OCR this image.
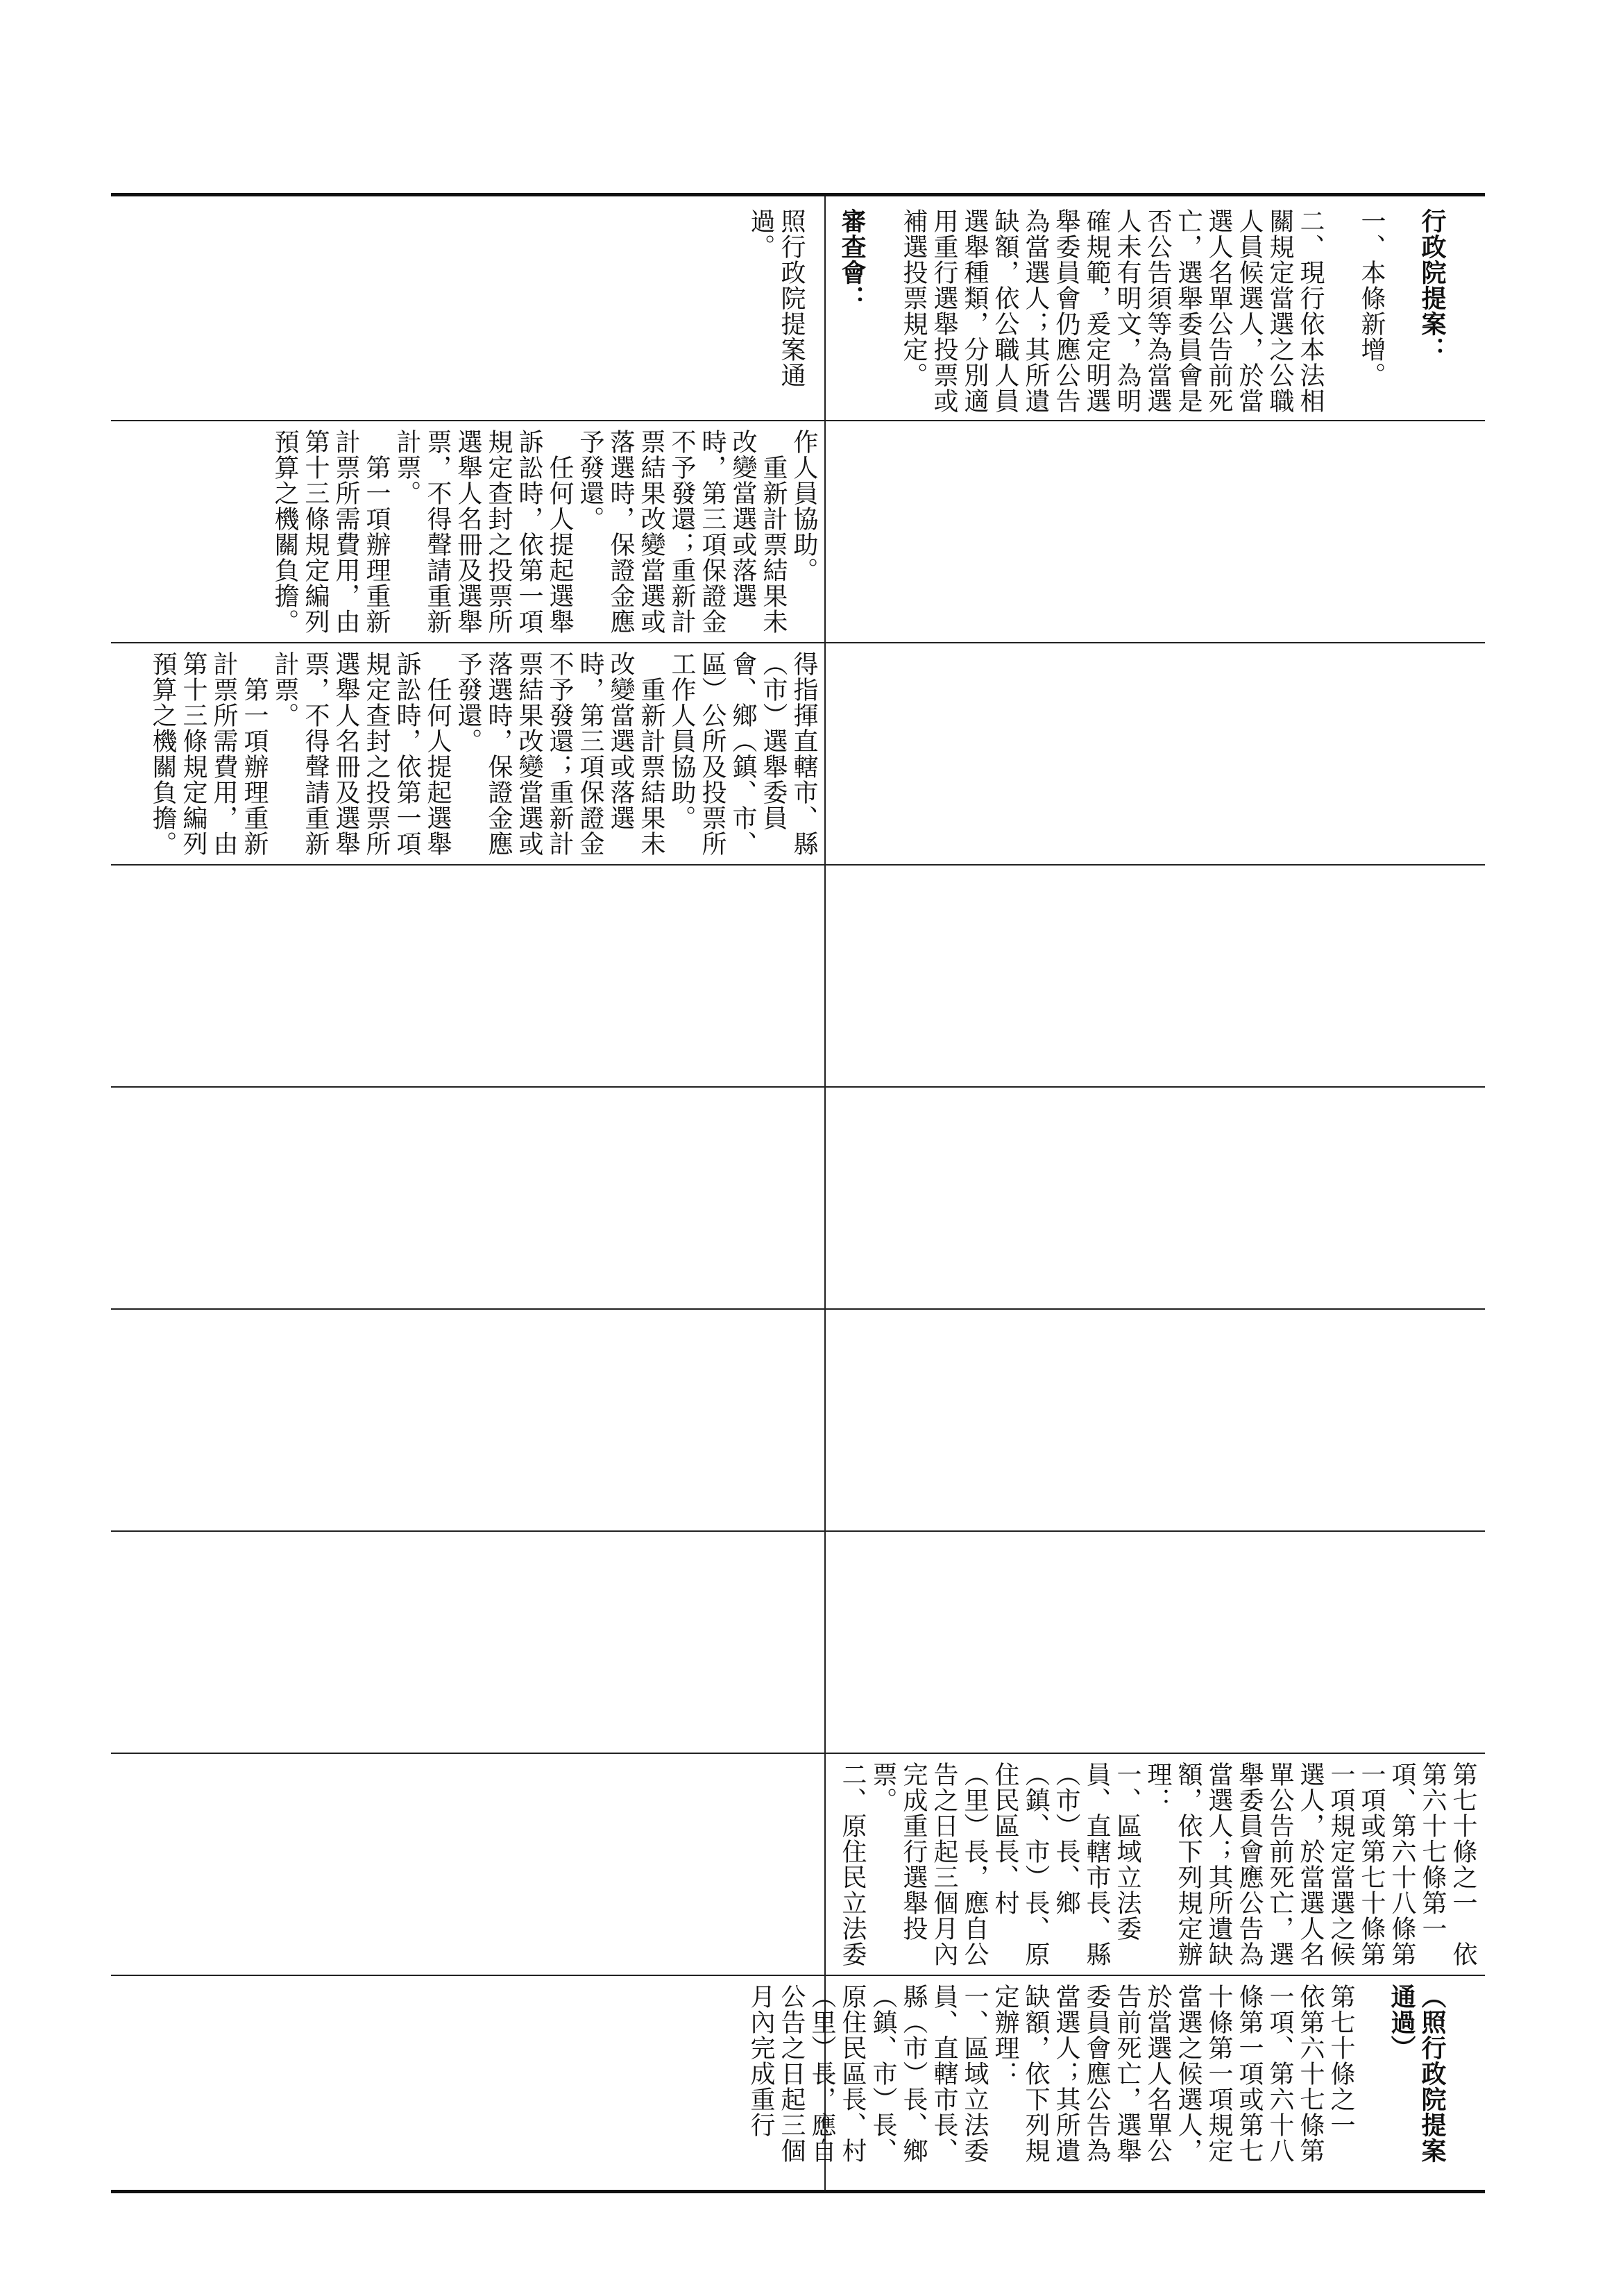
行政院提案：

一、本條新增。

二、現行依本法相關規定當選之公職人員候選人，於當選人名單公告前死亡，選舉委員會是否公告須等為當選人未有明文，為明確規範，爰定明選舉委員會仍應公告為當選人；其所遺缺額，依公職人員選舉種類，分別適用重行選舉投票或補選投票規定。

審查會：

照行政院提案通過。

作人員協助。
　重新計票結果未改變當選或落選時，第三項保證金不予發還；重新計票結果改變當選或落選時，保證金應予發還。
　任何人提起選舉訴訟時，依第一項規定查封之投票所選舉人名冊及選舉票，不得聲請重新計票。
　第一項辦理重新計票所需費用，由第十三條規定編列預算之機關負擔。
得指揮直轄市、縣（市）選舉委員會、鄉（鎮、市、區）公所及投票所工作人員協助。
　重新計票結果未改變當選或落選時，第三項保證金不予發還；重新計票結果改變當選或落選時，保證金應予發還。
　任何人提起選舉訴訟時，依第一項規定查封之投票所選舉人名冊及選舉票，不得聲請重新計票。
　第一項辦理重新計票所需費用，由第十三條規定編列預算之機關負擔。
第七十條之一　依第六十七條第一項、第六十八條第一項或第七十條第一項規定當選之候選人，於當選人名單公告前死亡，選舉委員會應公告為當選人；其所遺缺額，依下列規定辦理：
一、區域立法委員、直轄市長、縣（市）長、鄉（鎮、市）長、原住民區長、村（里）長，應自公告之日起三個月內完成重行選舉投票。
二、原住民立法委

（照行政院提案通過）

第七十條之一　依第六十七條第一項、第六十八條第一項或第七十條第一項規定當選之候選人，於當選人名單公告前死亡，選舉委員會應公告為當選人；其所遺缺額，依下列規定辦理：
一、區域立法委員、直轄市長、縣（市）長、鄉（鎮、市）長、原住民區長、村（里）長，應自公告之日起三個月內完成重行
